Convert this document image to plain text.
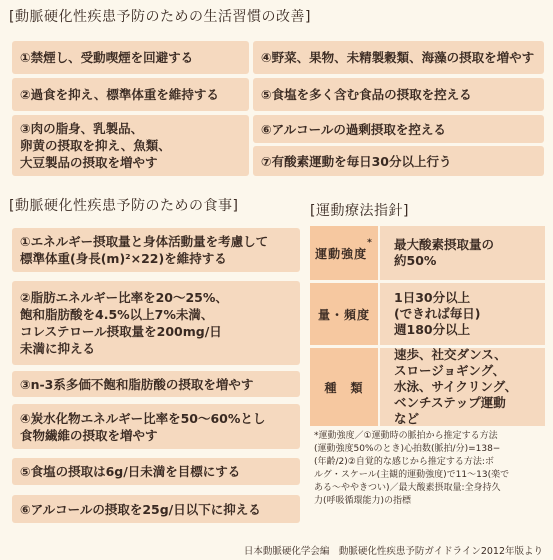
[動脈硬化性疾患予防のための生活習慣の改善]
①禁煙し、受動喫煙を回避する
②過食を抑え、標準体重を維持する
③肉の脂身、乳製品、
卵黄の摂取を抑え、魚類、
大豆製品の摂取を増やす
④野菜、果物、未精製穀類、海藻の摂取を増やす
⑤食塩を多く含む食品の摂取を控える
⑥アルコールの過剰摂取を控える
⑦有酸素運動を毎日30分以上行う
[動脈硬化性疾患予防のための食事]
①エネルギー摂取量と身体活動量を考慮して
標準体重(身長(m)²×22)を維持する
②脂肪エネルギー比率を20〜25%、
飽和脂肪酸を4.5%以上7%未満、
コレステロール摂取量を200mg/日
未満に抑える
③n-3系多価不飽和脂肪酸の摂取を増やす
④炭水化物エネルギー比率を50〜60%とし
食物繊維の摂取を増やす
⑤食塩の摂取は6g/日未満を目標にする
⑥アルコールの摂取を25g/日以下に抑える
[運動療法指針]
運動強度
*	最大酸素摂取量の
約50%
量・頻度
1日30分以上
(できれば毎日)
週180分以上
種　類
速歩、社交ダンス、
スロージョギング、
水泳、サイクリング、
ベンチステップ運動
など
*運動強度／①運動時の脈拍から推定する方法
(運動強度50%のとき)心拍数(脈拍/分)=138−
(年齢/2)②自覚的な感じから推定する方法:ボ
ルグ・スケール(主観的運動強度)で11〜13(楽で
ある〜ややきつい)／最大酸素摂取量:全身持久
力(呼吸循環能力)の指標
日本動脈硬化学会編　動脈硬化性疾患予防ガイドライン2012年版より
